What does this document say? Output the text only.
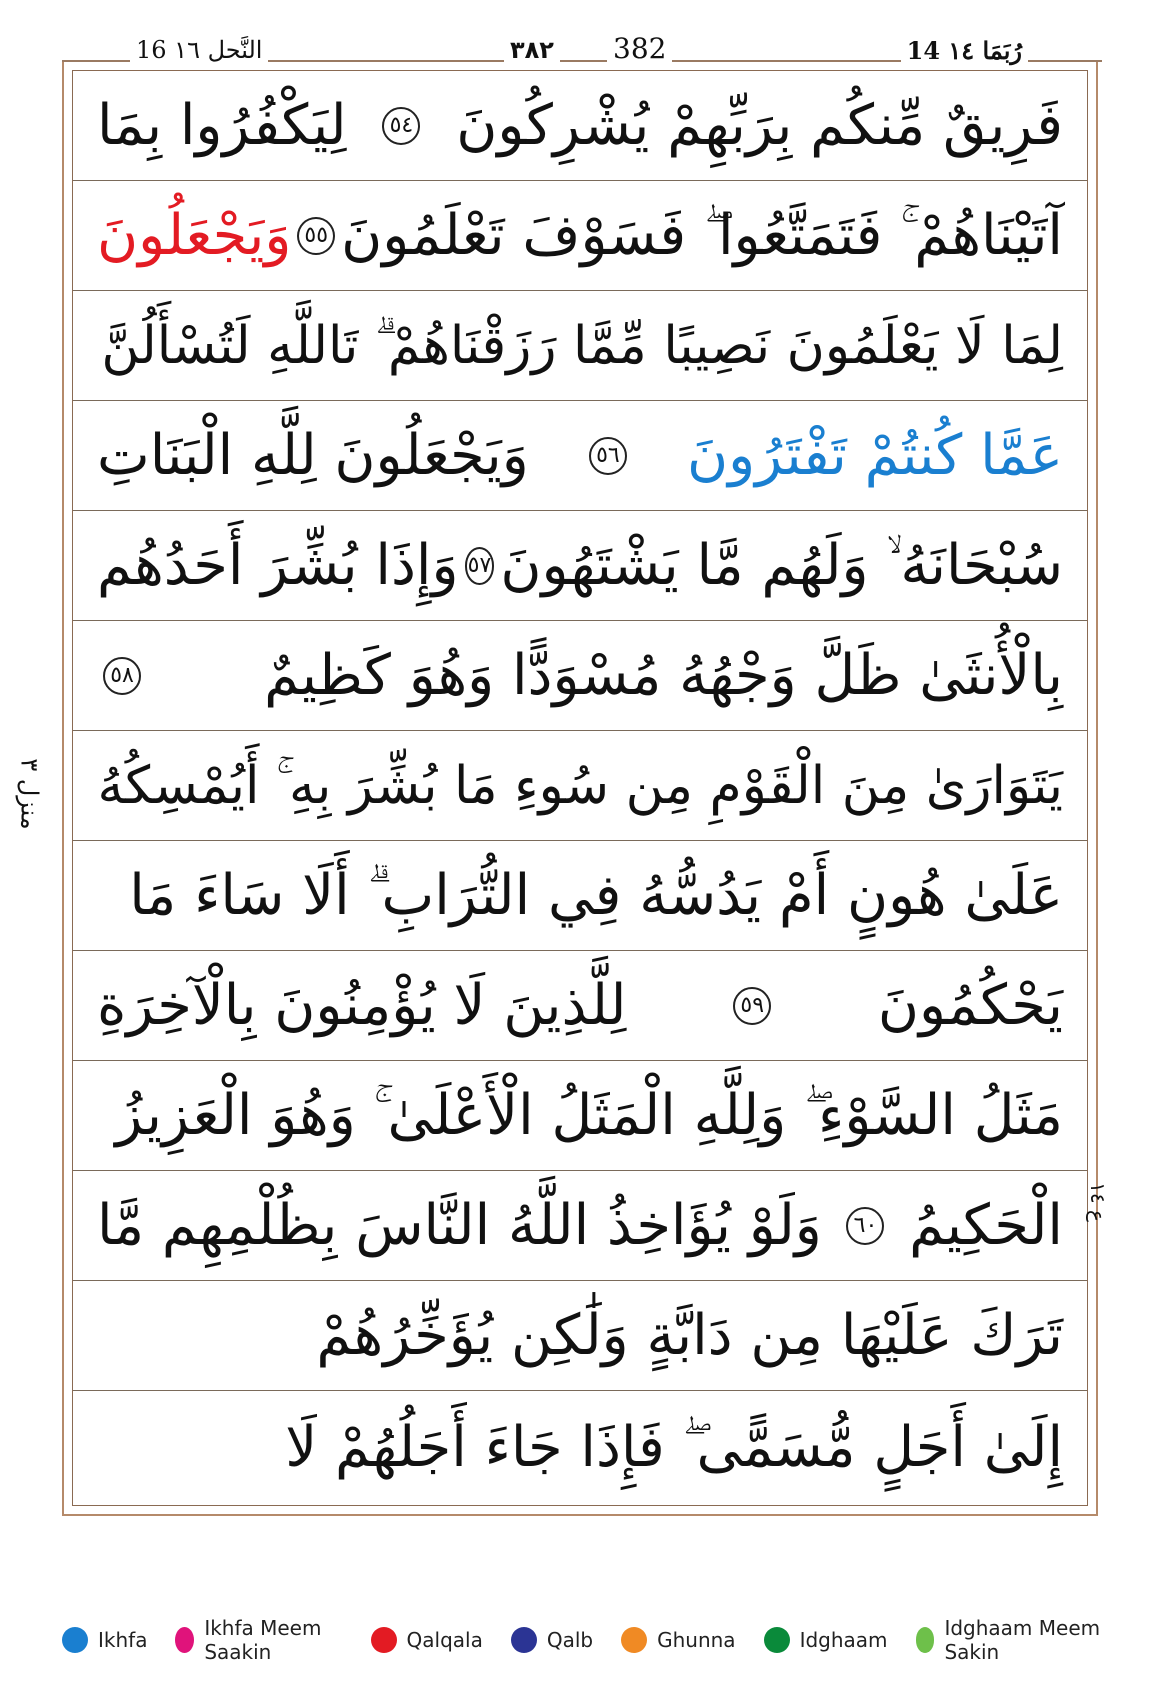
16 النَّحل ١٦	٣٨٢ 382	14 رُبَمَا ١٤
منزل ٣
ع ١٤
فَرِيقٌ مِّنكُم بِرَبِّهِمْ يُشْرِكُونَ
٥٤
لِيَكْفُرُوا بِمَا
آتَيْنَاهُمْ ۚ فَتَمَتَّعُوا ۖ فَسَوْفَ تَعْلَمُونَ
٥٥
وَيَجْعَلُونَ
لِمَا لَا يَعْلَمُونَ نَصِيبًا مِّمَّا رَزَقْنَاهُمْ ۗ تَاللَّهِ لَتُسْأَلُنَّ
عَمَّا كُنتُمْ تَفْتَرُونَ
٥٦
وَيَجْعَلُونَ لِلَّهِ الْبَنَاتِ
سُبْحَانَهُ ۙ وَلَهُم مَّا يَشْتَهُونَ
٥٧
وَإِذَا بُشِّرَ أَحَدُهُم
بِالْأُنثَىٰ ظَلَّ وَجْهُهُ مُسْوَدًّا وَهُوَ كَظِيمٌ
٥٨
يَتَوَارَىٰ مِنَ الْقَوْمِ مِن سُوءِ مَا بُشِّرَ بِهِ ۚ أَيُمْسِكُهُ
عَلَىٰ هُونٍ أَمْ يَدُسُّهُ فِي التُّرَابِ ۗ أَلَا سَاءَ مَا
يَحْكُمُونَ
٥٩
لِلَّذِينَ لَا يُؤْمِنُونَ بِالْآخِرَةِ
مَثَلُ السَّوْءِ ۖ وَلِلَّهِ الْمَثَلُ الْأَعْلَىٰ ۚ وَهُوَ الْعَزِيزُ
الْحَكِيمُ
٦٠
وَلَوْ يُؤَاخِذُ اللَّهُ النَّاسَ بِظُلْمِهِم مَّا
تَرَكَ عَلَيْهَا مِن دَابَّةٍ وَلَٰكِن يُؤَخِّرُهُمْ
إِلَىٰ أَجَلٍ مُّسَمًّى ۖ فَإِذَا جَاءَ أَجَلُهُمْ لَا
Ikhfa	Ikhfa Meem Saakin	Qalqala	Qalb	Ghunna	Idghaam	Idghaam Meem Sakin
